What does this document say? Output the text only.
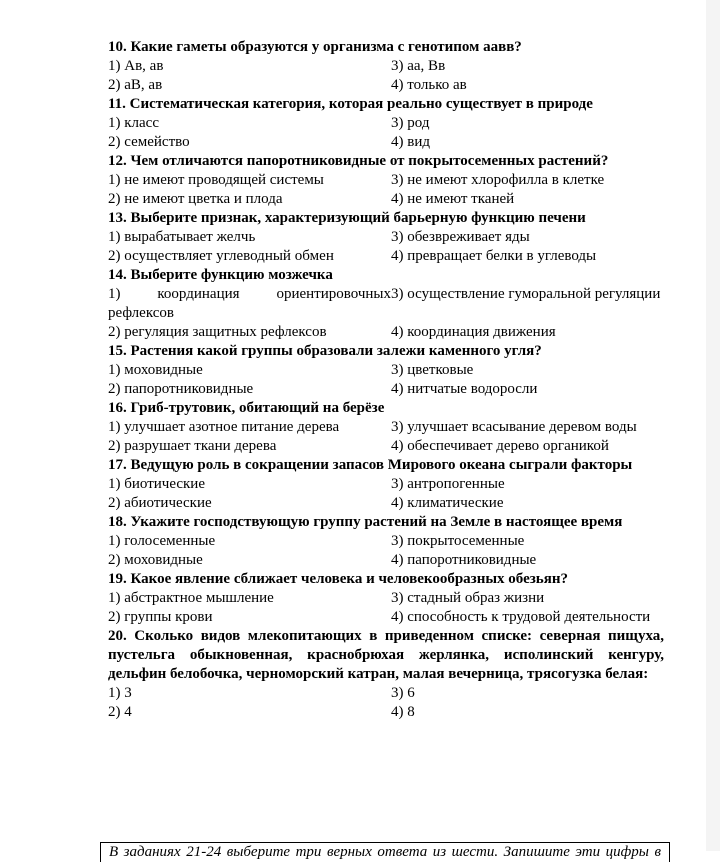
10. Какие гаметы образуются у организма с генотипом аавв?
1) Ав, ав	3) аа, Вв
2) аВ, ав	4) только ав
11. Систематическая категория, которая реально существует в природе
1) класс	3) род
2) семейство	4) вид
12. Чем отличаются папоротниковидные от покрытосеменных растений?
1) не имеют проводящей системы	3) не имеют хлорофилла в клетке
2) не имеют цветка и плода	4) не имеют тканей
13. Выберите признак, характеризующий барьерную функцию печени
1) вырабатывает желчь	3) обезвреживает яды
2) осуществляет углеводный обмен	4) превращает белки в углеводы
14. Выберите функцию мозжечка
1) координация ориентировочных рефлексов
3) осуществление гуморальной регуляции
2) регуляция защитных рефлексов	4) координация движения
15. Растения какой группы образовали залежи каменного угля?
1) моховидные	3) цветковые
2) папоротниковидные	4) нитчатые водоросли
16. Гриб-трутовик, обитающий на берёзе
1) улучшает азотное питание дерева	3) улучшает всасывание деревом воды
2) разрушает ткани дерева	4) обеспечивает дерево органикой
17. Ведущую роль в сокращении запасов Мирового океана сыграли факторы
1) биотические	3) антропогенные
2) абиотические	4) климатические
18. Укажите господствующую группу растений на Земле в настоящее время
1) голосеменные	3) покрытосеменные
2) моховидные	4) папоротниковидные
19. Какое явление сближает человека и человекообразных обезьян?
1) абстрактное мышление	3) стадный образ жизни
2) группы крови	4) способность к трудовой деятельности
20. Сколько видов млекопитающих в приведенном списке: северная пищуха, пустельга обыкновенная, краснобрюхая жерлянка, исполинский кенгуру, дельфин белобочка, черноморский катран, малая вечерница, трясогузка белая:
1) 3	3) 6
2) 4	4) 8
В заданиях 21-24 выберите три верных ответа из шести. Запишите эти цифры в
